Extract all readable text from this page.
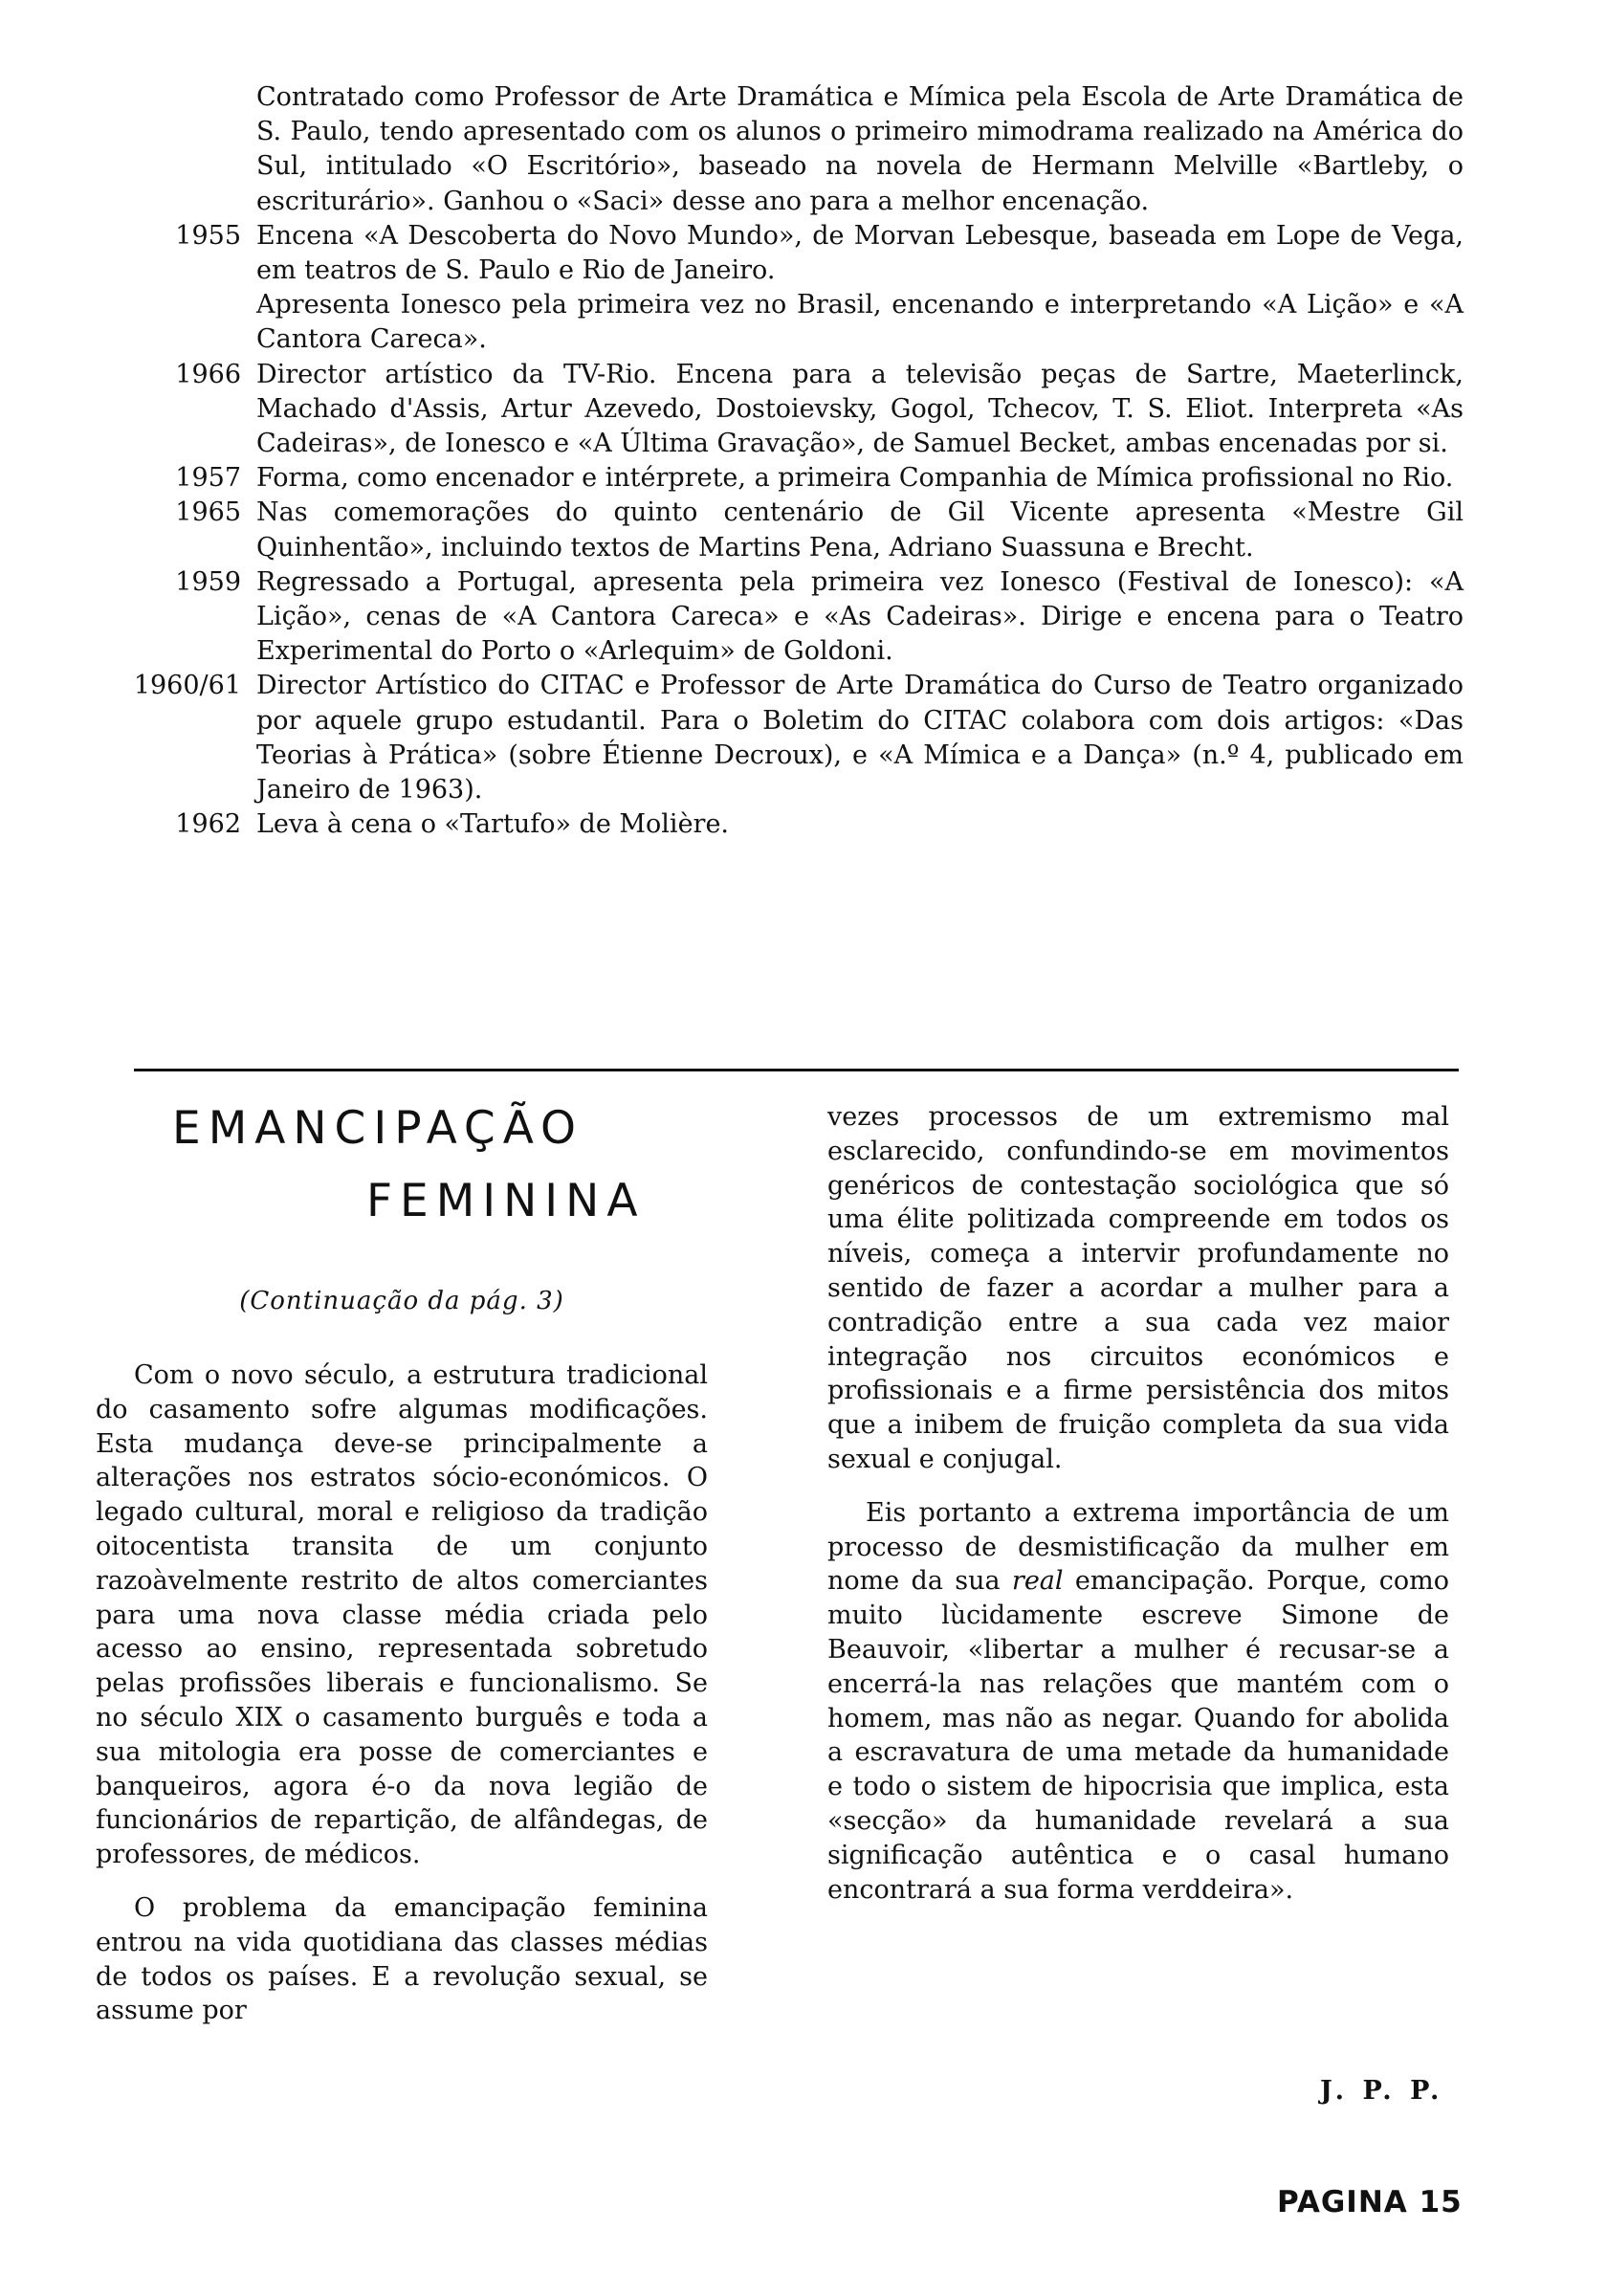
Contratado como Professor de Arte Dramática e Mímica pela Escola de Arte Dramática de S. Paulo, tendo apresentado com os alunos o primeiro mimodrama realizado na América do Sul, intitulado «O Escritório», baseado na novela de Hermann Melville «Bartleby, o escriturário». Ganhou o «Saci» desse ano para a melhor encenação.

1955 Encena «A Descoberta do Novo Mundo», de Morvan Lebesque, baseada em Lope de Vega, em teatros de S. Paulo e Rio de Janeiro.

Apresenta Ionesco pela primeira vez no Brasil, encenando e interpretando «A Lição» e «A Cantora Careca».

1966 Director artístico da TV-Rio. Encena para a televisão peças de Sartre, Maeterlinck, Machado d'Assis, Artur Azevedo, Dostoievsky, Gogol, Tchecov, T. S. Eliot. Interpreta «As Cadeiras», de Ionesco e «A Última Gravação», de Samuel Becket, ambas encenadas por si.

1957 Forma, como encenador e intérprete, a primeira Companhia de Mímica profissional no Rio.

1965 Nas comemorações do quinto centenário de Gil Vicente apresenta «Mestre Gil Quinhentão», incluindo textos de Martins Pena, Adriano Suassuna e Brecht.

1959 Regressado a Portugal, apresenta pela primeira vez Ionesco (Festival de Ionesco): «A Lição», cenas de «A Cantora Careca» e «As Cadeiras». Dirige e encena para o Teatro Experimental do Porto o «Arlequim» de Goldoni.

1960/61 Director Artístico do CITAC e Professor de Arte Dramática do Curso de Teatro organizado por aquele grupo estudantil. Para o Boletim do CITAC colabora com dois artigos: «Das Teorias à Prática» (sobre Étienne Decroux), e «A Mímica e a Dança» (n.º 4, publicado em Janeiro de 1963).

1962 Leva à cena o «Tartufo» de Molière.

EMANCIPAÇÃO
FEMININA
(Continuação da pág. 3)

Com o novo século, a estrutura tradicional do casamento sofre algumas modificações. Esta mudança deve-se principalmente a alterações nos estratos sócio-económicos. O legado cultural, moral e religioso da tradição oitocentista transita de um conjunto razoàvelmente restrito de altos comerciantes para uma nova classe média criada pelo acesso ao ensino, representada sobretudo pelas profissões liberais e funcionalismo. Se no século XIX o casamento burguês e toda a sua mitologia era posse de comerciantes e banqueiros, agora é-o da nova legião de funcionários de repartição, de alfândegas, de professores, de médicos.

O problema da emancipação feminina entrou na vida quotidiana das classes médias de todos os países. E a revolução sexual, se assume por

vezes processos de um extremismo mal esclarecido, confundindo-se em movimentos genéricos de contestação sociológica que só uma élite politizada compreende em todos os níveis, começa a intervir profundamente no sentido de fazer a acordar a mulher para a contradição entre a sua cada vez maior integração nos circuitos económicos e profissionais e a firme persistência dos mitos que a inibem de fruição completa da sua vida sexual e conjugal.

Eis portanto a extrema importância de um processo de desmistificação da mulher em nome da sua real emancipação. Porque, como muito lùcidamente escreve Simone de Beauvoir, «libertar a mulher é recusar-se a encerrá-la nas relações que mantém com o homem, mas não as negar. Quando for abolida a escravatura de uma metade da humanidade e todo o sistem de hipocrisia que implica, esta «secção» da humanidade revelará a sua significação autêntica e o casal humano encontrará a sua forma verddeira».

J. P. P.
PAGINA 15
